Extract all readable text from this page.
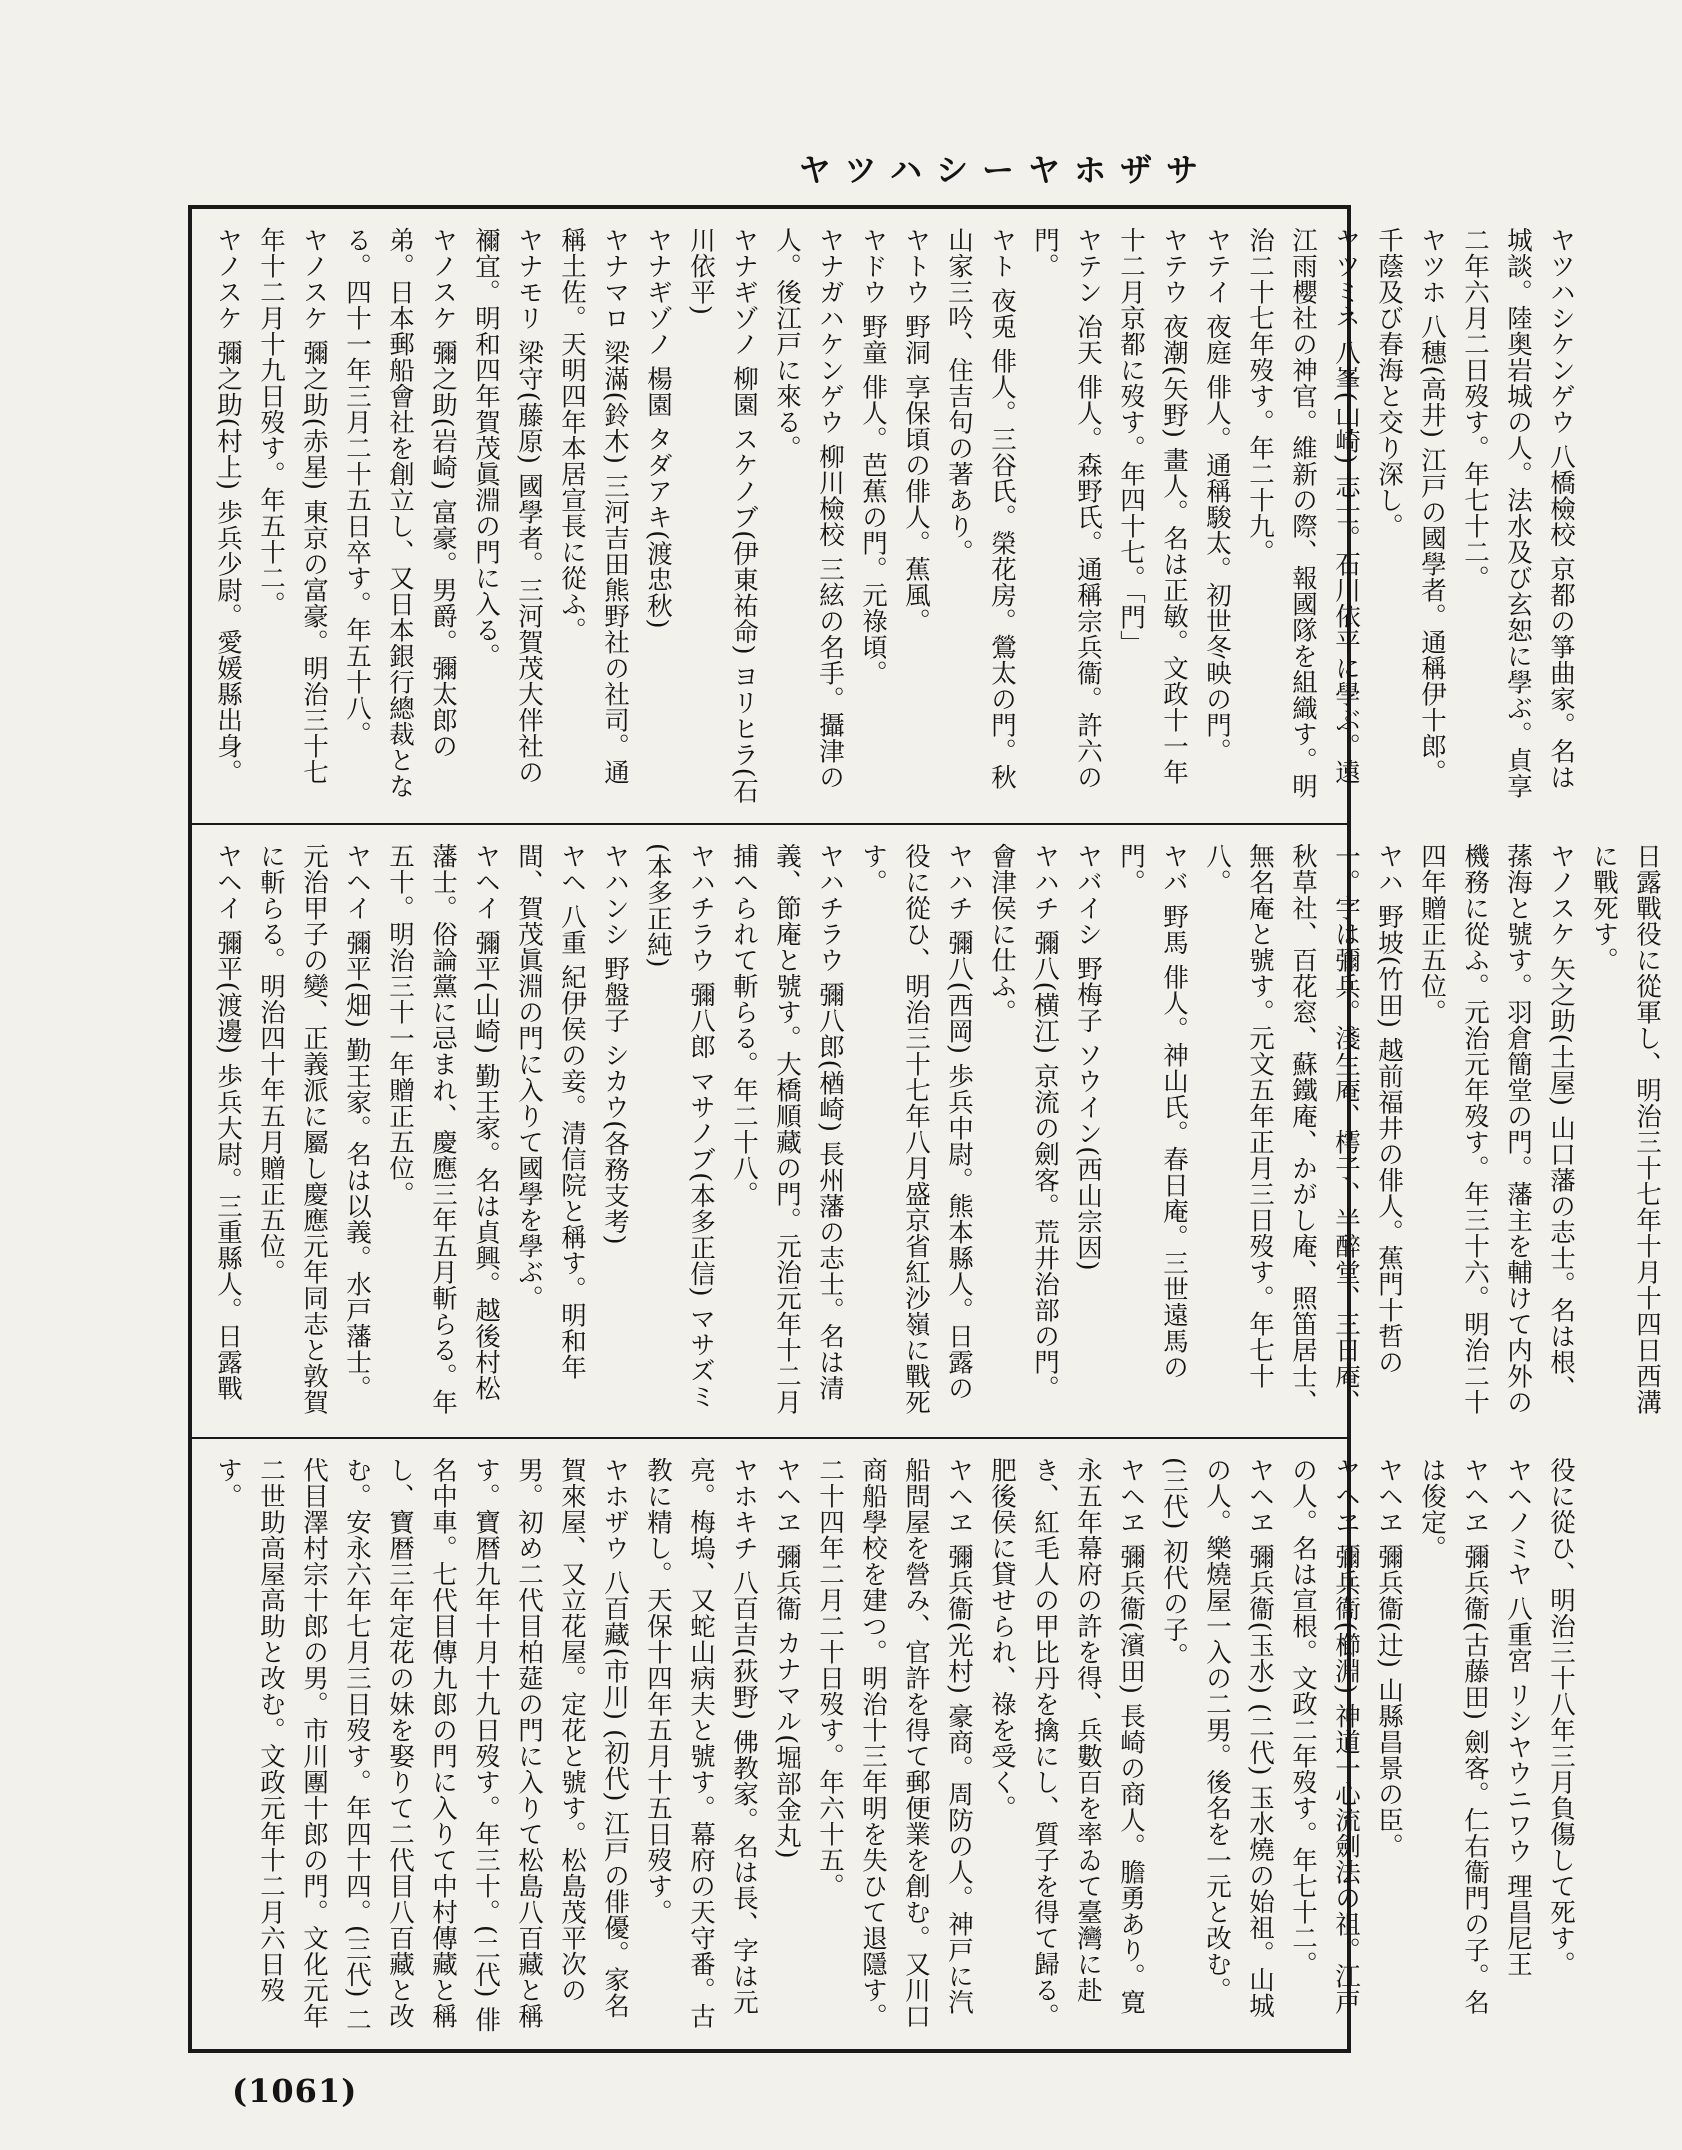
ヤツハシーヤホザサ
ヤツハシケンゲウ 八橋檢校 京都の箏曲家。名は城談。陸奥岩城の人。法水及び玄恕に學ぶ。貞享二年六月二日歿す。年七十二。
ヤツホ 八穗(高井) 江戸の國學者。通稱伊十郎。千蔭及び春海と交り深し。
ヤツミネ 八峯(山崎) 志士。石川依平に學ぶ。遠江雨櫻社の神官。維新の際、報國隊を組織す。明治二十七年歿す。年二十九。
ヤテイ 夜庭 俳人。通稱駿太。初世冬映の門。
ヤテウ 夜潮(矢野) 畫人。名は正敏。文政十一年十二月京都に歿す。年四十七。「門」
ヤテン 冶天 俳人。森野氏。通稱宗兵衞。許六の門。
ヤト 夜兎 俳人。三谷氏。榮花房。鶯太の門。秋山家三吟、住吉句の著あり。
ヤトウ 野洞 享保頃の俳人。蕉風。
ヤドウ 野童 俳人。芭蕉の門。元祿頃。
ヤナガハケンゲウ 柳川檢校 三絃の名手。攝津の人。後江戸に來る。
ヤナギゾノ 柳園 スケノブ(伊東祐命) ヨリヒラ(石川依平)
ヤナギゾノ 楊園 タダアキ(渡忠秋)
ヤナマロ 梁滿(鈴木) 三河吉田熊野社の社司。通稱土佐。天明四年本居宣長に從ふ。
ヤナモリ 梁守(藤原) 國學者。三河賀茂大伴社の禰宜。明和四年賀茂眞淵の門に入る。
ヤノスケ 彌之助(岩崎) 富豪。男爵。彌太郎の弟。日本郵船會社を創立し、又日本銀行總裁となる。四十一年三月二十五日卒す。年五十八。
ヤノスケ 彌之助(赤星) 東京の富豪。明治三十七年十二月十九日歿す。年五十二。
ヤノスケ 彌之助(村上) 歩兵少尉。愛媛縣出身。
日露戰役に從軍し、明治三十七年十月十四日西溝に戰死す。
ヤノスケ 矢之助(土屋) 山口藩の志士。名は根、蓀海と號す。羽倉簡堂の門。藩主を輔けて内外の機務に從ふ。元治元年歿す。年三十六。明治二十四年贈正五位。
ヤハ 野坡(竹田) 越前福井の俳人。蕉門十哲の一。字は彌兵。淺生庵、樗子、半醉堂、三日庵、秋草社、百花窓、蘇鐵庵、かがし庵、照笛居士、無名庵と號す。元文五年正月三日歿す。年七十八。
ヤバ 野馬 俳人。神山氏。春日庵。三世遠馬の門。
ヤバイシ 野梅子 ソウイン(西山宗因)
ヤハチ 彌八(横江) 京流の劍客。荒井治部の門。會津侯に仕ふ。
ヤハチ 彌八(西岡) 歩兵中尉。熊本縣人。日露の役に從ひ、明治三十七年八月盛京省紅沙嶺に戰死す。
ヤハチラウ 彌八郎(楢崎) 長州藩の志士。名は清義、節庵と號す。大橋順藏の門。元治元年十二月捕へられて斬らる。年二十八。
ヤハチラウ 彌八郎 マサノブ(本多正信) マサズミ(本多正純)
ヤハンシ 野盤子 シカウ(各務支考)
ヤヘ 八重 紀伊侯の妾。清信院と稱す。明和年間、賀茂眞淵の門に入りて國學を學ぶ。
ヤヘイ 彌平(山崎) 勤王家。名は貞興。越後村松藩士。俗論黨に忌まれ、慶應三年五月斬らる。年五十。明治三十一年贈正五位。
ヤヘイ 彌平(畑) 勤王家。名は以義。水戸藩士。元治甲子の變、正義派に屬し慶應元年同志と敦賀に斬らる。明治四十年五月贈正五位。
ヤヘイ 彌平(渡邊) 歩兵大尉。三重縣人。日露戰
役に從ひ、明治三十八年三月負傷して死す。
ヤヘノミヤ 八重宮 リシヤウニワウ 理昌尼王
ヤヘヱ 彌兵衞(古藤田) 劍客。仁右衞門の子。名は俊定。
ヤヘヱ 彌兵衞(辻) 山縣昌景の臣。
ヤヘヱ 彌兵衞(櫛淵) 神道一心流劍法の祖。江戸の人。名は宣根。文政二年歿す。年七十二。
ヤヘヱ 彌兵衞(玉水) (二代) 玉水燒の始祖。山城の人。樂燒屋一入の二男。後名を一元と改む。(三代) 初代の子。
ヤヘヱ 彌兵衞(濱田) 長崎の商人。膽勇あり。寛永五年幕府の許を得、兵數百を率ゐて臺灣に赴き、紅毛人の甲比丹を擒にし、質子を得て歸る。肥後侯に貸せられ、祿を受く。
ヤヘヱ 彌兵衞(光村) 豪商。周防の人。神戸に汽船問屋を營み、官許を得て郵便業を創む。又川口商船學校を建つ。明治十三年明を失ひて退隱す。二十四年二月二十日歿す。年六十五。
ヤヘヱ 彌兵衞 カナマル(堀部金丸)
ヤホキチ 八百吉(荻野) 佛教家。名は長、字は元亮。梅塢、又蛇山病夫と號す。幕府の天守番。古教に精し。天保十四年五月十五日歿す。
ヤホザウ 八百藏(市川) (初代) 江戸の俳優。家名賀來屋、又立花屋。定花と號す。松島茂平次の男。初め二代目柏莚の門に入りて松島八百藏と稱す。寶暦九年十月十九日歿す。年三十。(二代) 俳名中車。七代目傳九郎の門に入りて中村傳藏と稱し、寶暦三年定花の妹を娶りて二代目八百藏と改む。安永六年七月三日歿す。年四十四。(三代) 二代目澤村宗十郎の男。市川團十郎の門。文化元年二世助高屋高助と改む。文政元年十二月六日歿す。
(1061)
